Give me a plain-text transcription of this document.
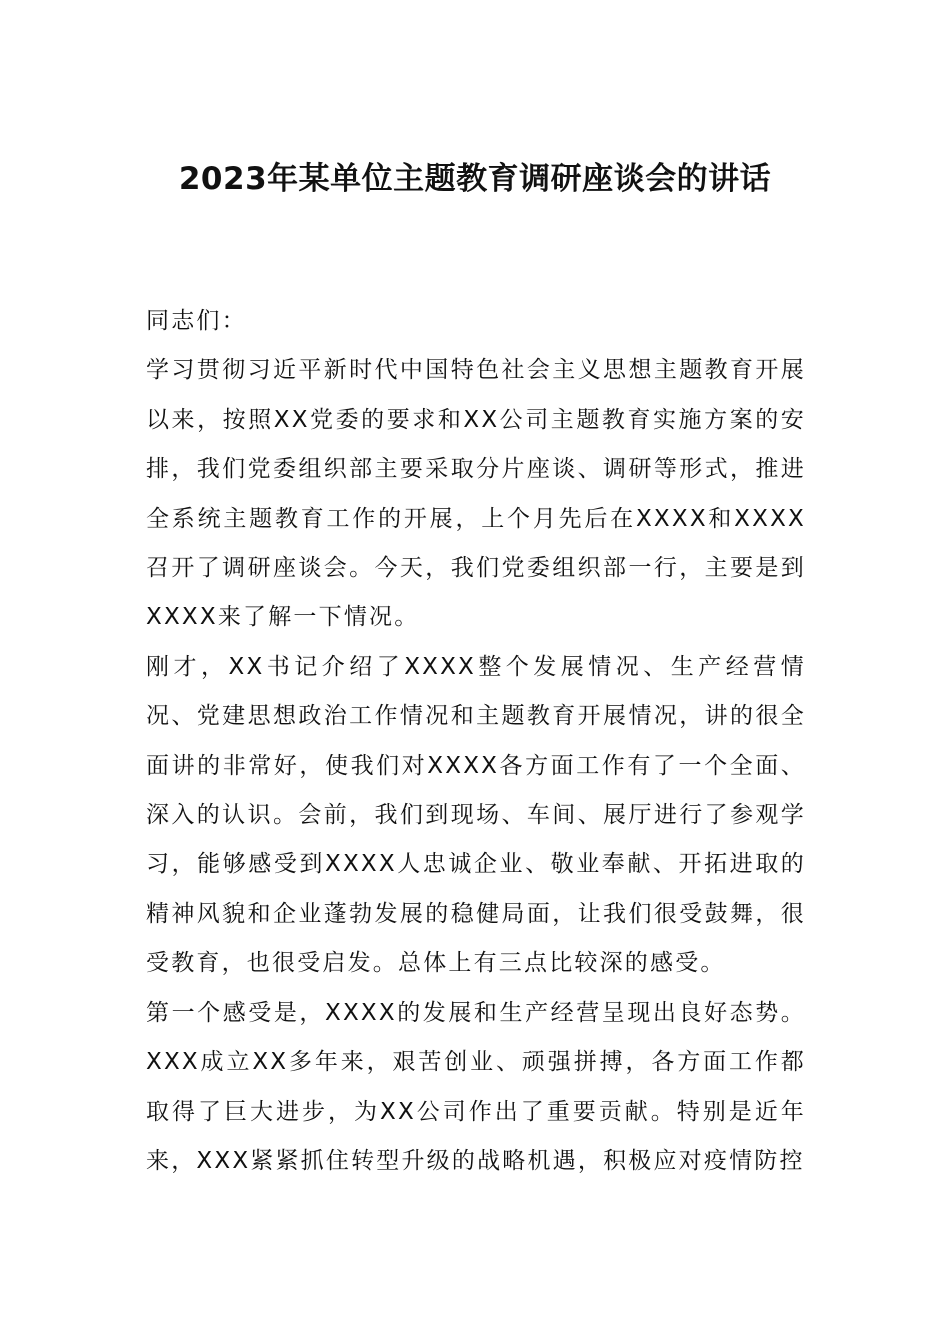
2023年某单位主题教育调研座谈会的讲话

同志们：

学习贯彻习近平新时代中国特色社会主义思想主题教育开展以来，按照XX党委的要求和XX公司主题教育实施方案的安排，我们党委组织部主要采取分片座谈、调研等形式，推进全系统主题教育工作的开展，上个月先后在XXXX和XXXX召开了调研座谈会。今天，我们党委组织部一行，主要是到XXXX来了解一下情况。

刚才，XX书记介绍了XXXX整个发展情况、生产经营情况、党建思想政治工作情况和主题教育开展情况，讲的很全面讲的非常好，使我们对XXXX各方面工作有了一个全面、深入的认识。会前，我们到现场、车间、展厅进行了参观学习，能够感受到XXXX人忠诚企业、敬业奉献、开拓进取的精神风貌和企业蓬勃发展的稳健局面，让我们很受鼓舞，很受教育，也很受启发。总体上有三点比较深的感受。

第一个感受是，XXXX的发展和生产经营呈现出良好态势。XXX成立XX多年来，艰苦创业、顽强拼搏，各方面工作都取得了巨大进步，为XX公司作出了重要贡献。特别是近年来，XXX紧紧抓住转型升级的战略机遇，积极应对疫情防控
